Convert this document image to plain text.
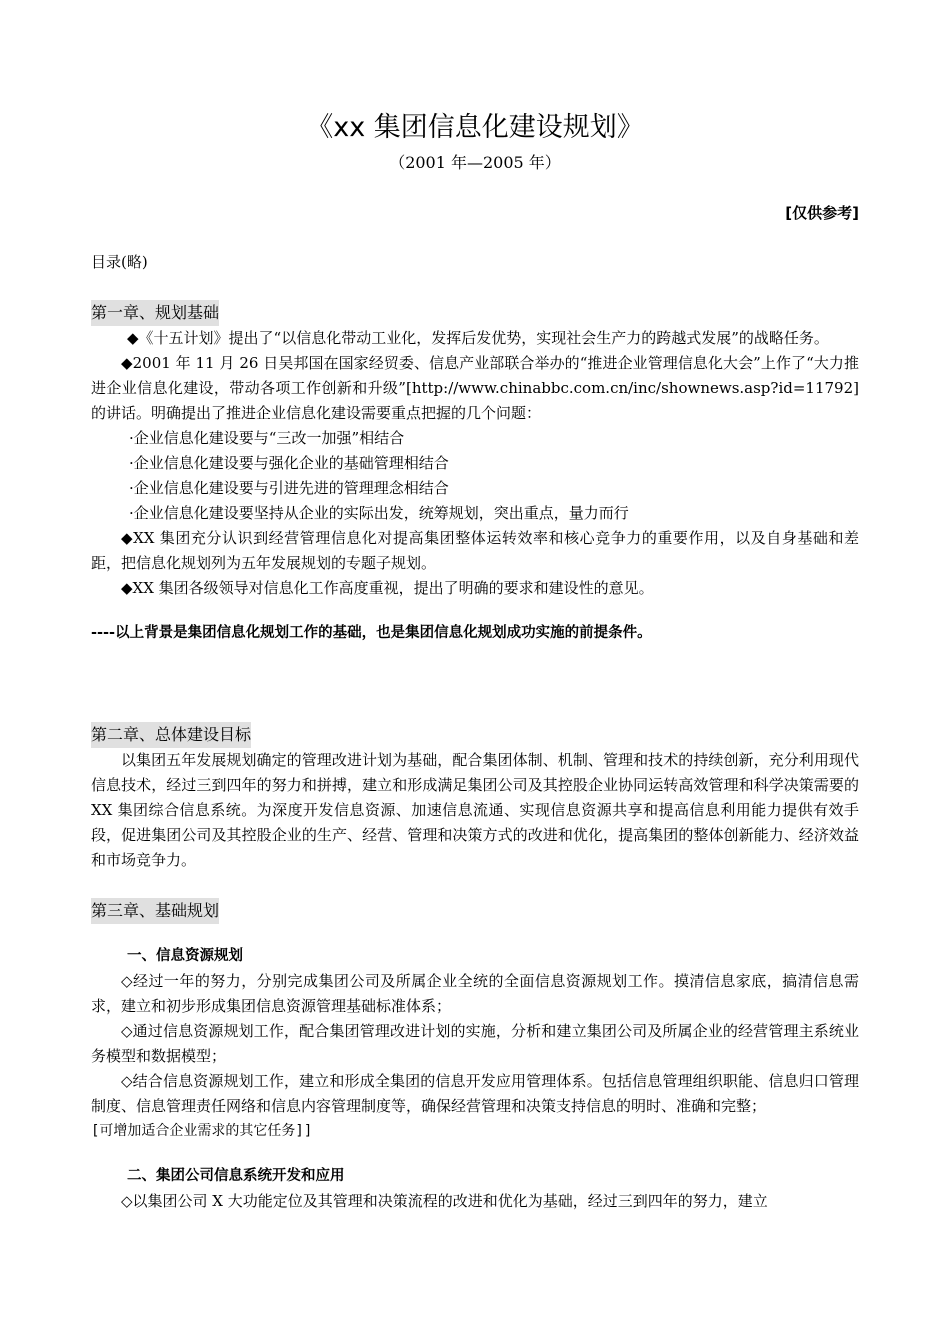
《xx 集团信息化建设规划》
（2001 年—2005 年）
[仅供参考]

目录(略)

第一章、规划基础

◆《十五计划》提出了“以信息化带动工业化，发挥后发优势，实现社会生产力的跨越式发展”的战略任务。

◆2001 年 11 月 26 日吴邦国在国家经贸委、信息产业部联合举办的“推进企业管理信息化大会”上作了“大力推进企业信息化建设，带动各项工作创新和升级”[http://www.chinabbc.com.cn/inc/shownews.asp?id=11792]的讲话。明确提出了推进企业信息化建设需要重点把握的几个问题：

·企业信息化建设要与“三改一加强”相结合

·企业信息化建设要与强化企业的基础管理相结合

·企业信息化建设要与引进先进的管理理念相结合

·企业信息化建设要坚持从企业的实际出发，统筹规划，突出重点，量力而行

◆XX 集团充分认识到经营管理信息化对提高集团整体运转效率和核心竞争力的重要作用，以及自身基础和差距，把信息化规划列为五年发展规划的专题子规划。

◆XX 集团各级领导对信息化工作高度重视，提出了明确的要求和建设性的意见。

----以上背景是集团信息化规划工作的基础，也是集团信息化规划成功实施的前提条件。

第二章、总体建设目标

以集团五年发展规划确定的管理改进计划为基础，配合集团体制、机制、管理和技术的持续创新，充分利用现代信息技术，经过三到四年的努力和拼搏，建立和形成满足集团公司及其控股企业协同运转高效管理和科学决策需要的 XX 集团综合信息系统。为深度开发信息资源、加速信息流通、实现信息资源共享和提高信息利用能力提供有效手段，促进集团公司及其控股企业的生产、经营、管理和决策方式的改进和优化，提高集团的整体创新能力、经济效益和市场竞争力。

第三章、基础规划

一、信息资源规划

◇经过一年的努力，分别完成集团公司及所属企业全统的全面信息资源规划工作。摸清信息家底，搞清信息需求，建立和初步形成集团信息资源管理基础标准体系；

◇通过信息资源规划工作，配合集团管理改进计划的实施，分析和建立集团公司及所属企业的经营管理主系统业务模型和数据模型；

◇结合信息资源规划工作，建立和形成全集团的信息开发应用管理体系。包括信息管理组织职能、信息归口管理制度、信息管理责任网络和信息内容管理制度等，确保经营管理和决策支持信息的明时、准确和完整；

[可增加适合企业需求的其它任务]]

二、集团公司信息系统开发和应用

◇以集团公司 X 大功能定位及其管理和决策流程的改进和优化为基础，经过三到四年的努力，建立
